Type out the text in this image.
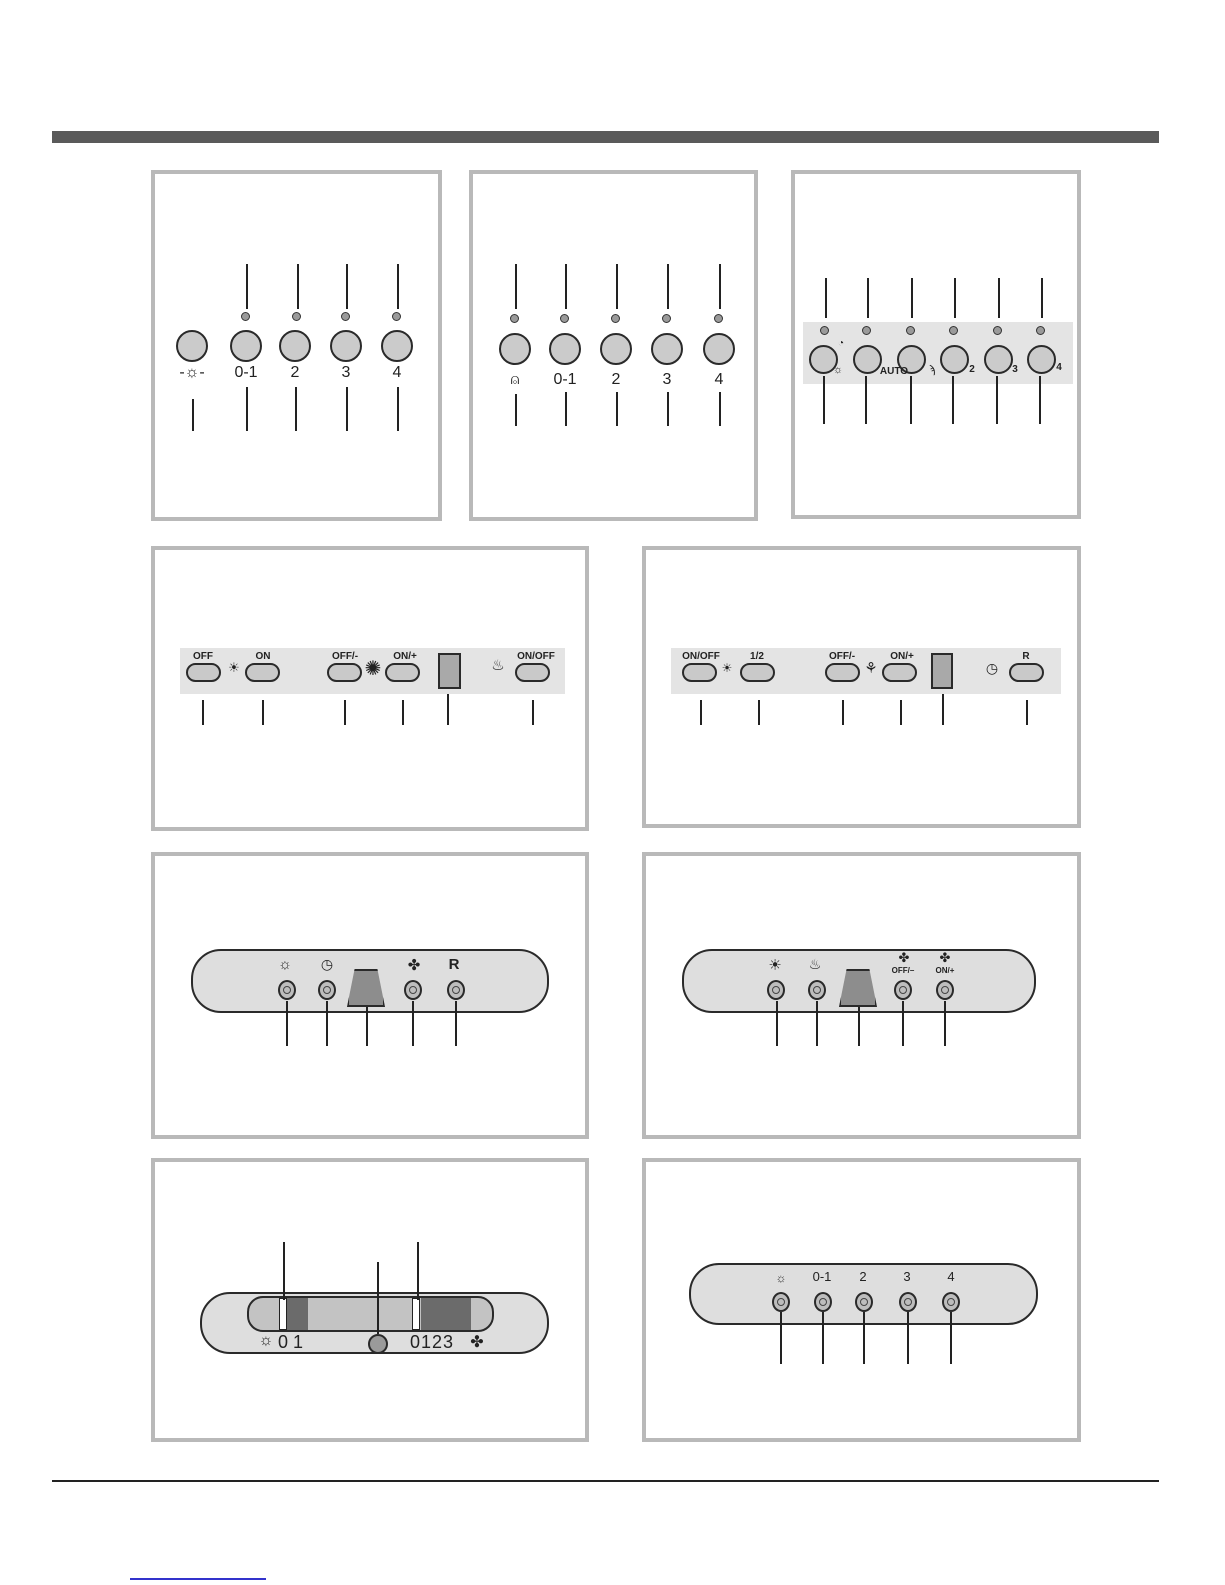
-☼-	0-1	2	3	4	⍝	0-1	2	3	4
◔
☼	AUTO	ϡ	2	3	4
OFF	ON	OFF/-	ON/+	ON/OFF
☀	✺	♨
ON/OFF	1/2	OFF/-	ON/+	R
☀	⚘	◷
☼ ◷	✤ R	☀	♨	✤ ✤
OFF/–	ON/+
☼ 0 1	0123	✤
☼	0-1	2	3	4
